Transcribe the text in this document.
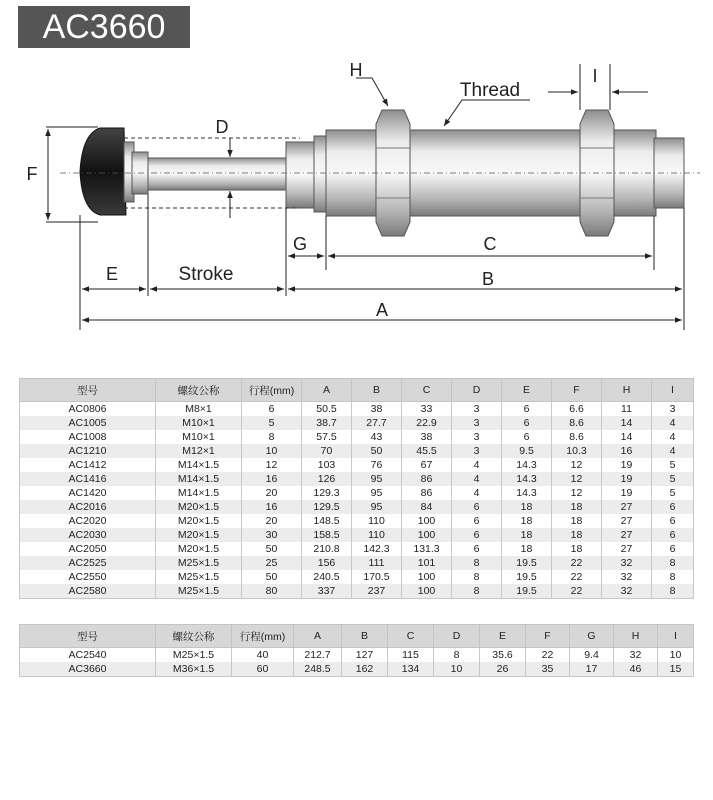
AC3660
H
Thread
I
D
F
G	C
E	Stroke	B
A
型号	螺纹公称	行程(mm)	A	B	C	D	E	F	H	I
AC0806	M8×1	6	50.5	38	33	3	6	6.6	11	3
AC1005	M10×1	5	38.7	27.7	22.9	3	6	8.6	14	4
AC1008	M10×1	8	57.5	43	38	3	6	8.6	14	4
AC1210	M12×1	10	70	50	45.5	3	9.5	10.3	16	4
AC1412	M14×1.5	12	103	76	67	4	14.3	12	19	5
AC1416	M14×1.5	16	126	95	86	4	14.3	12	19	5
AC1420	M14×1.5	20	129.3	95	86	4	14.3	12	19	5
AC2016	M20×1.5	16	129.5	95	84	6	18	18	27	6
AC2020	M20×1.5	20	148.5	110	100	6	18	18	27	6
AC2030	M20×1.5	30	158.5	110	100	6	18	18	27	6
AC2050	M20×1.5	50	210.8	142.3	131.3	6	18	18	27	6
AC2525	M25×1.5	25	156	111	101	8	19.5	22	32	8
AC2550	M25×1.5	50	240.5	170.5	100	8	19.5	22	32	8
AC2580	M25×1.5	80	337	237	100	8	19.5	22	32	8
型号	螺纹公称	行程(mm)	A	B	C	D	E	F	G	H	I
AC2540	M25×1.5	40	212.7	127	115	8	35.6	22	9.4	32	10
AC3660	M36×1.5	60	248.5	162	134	10	26	35	17	46	15
